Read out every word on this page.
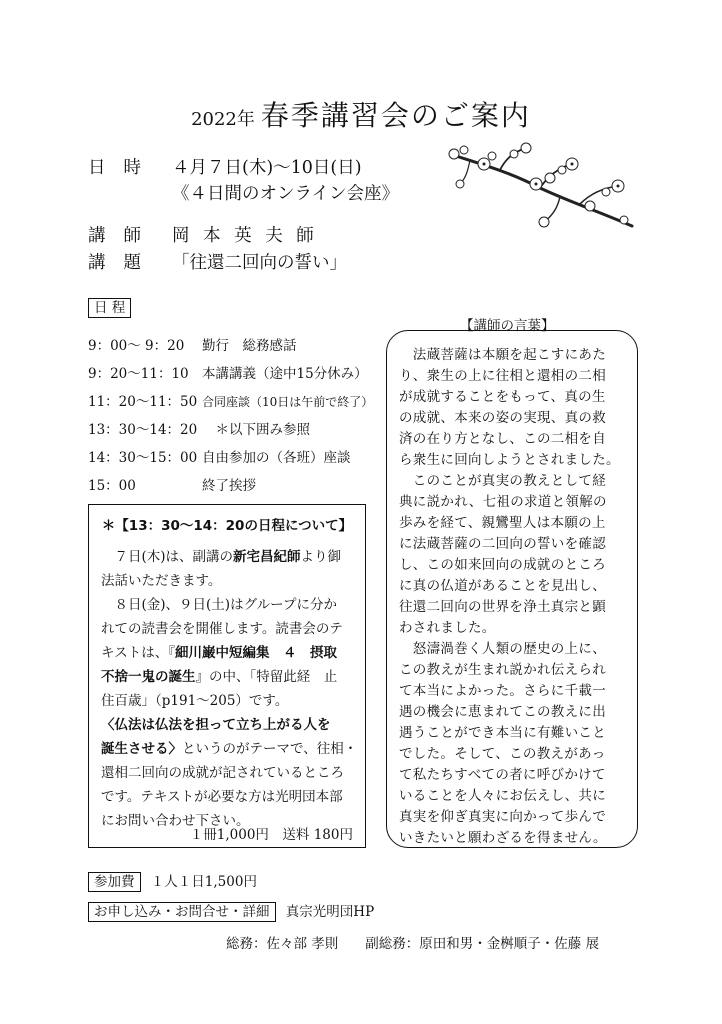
2022年 春季講習会のご案内
日時 ４月７日(木)〜10日(日)
《４日間のオンライン会座》
講師 岡 本 英 夫 師
講題 「往還二回向の誓い」
日 程
9：00〜 9：20 勤行　総務感話
9：20〜11：10 本講講義（途中15分休み）
11：20〜11：50 合同座談（10日は午前で終了）
13：30〜14：20　＊以下囲み参照
14：30〜15：00 自由参加の（各班）座談
15：00	終了挨拶
＊【13：30〜14：20の日程について】
　７日(木)は、副講の新宅昌紀師より御
法話いただきます。
　８日(金)、９日(土)はグループに分か
れての読書会を開催します。読書会のテ
キストは、『細川巌中短編集　４　摂取
不捨一鬼の誕生』の中、「特留此経　止
住百歳」（p191〜205）です。
〈仏法は仏法を担って立ち上がる人を
誕生させる〉というのがテーマで、往相・
還相二回向の成就が記されているところ
です。テキストが必要な方は光明団本部
にお問い合わせ下さい。
１冊1,000円　送料 180円
【講師の言葉】
　法蔵菩薩は本願を起こすにあた
り、衆生の上に往相と還相の二相
が成就することをもって、真の生
の成就、本来の姿の実現、真の救
済の在り方となし、この二相を自
ら衆生に回向しようとされました。
　このことが真実の教えとして経
典に説かれ、七祖の求道と領解の
歩みを経て、親鸞聖人は本願の上
に法蔵菩薩の二回向の誓いを確認
し、この如来回向の成就のところ
に真の仏道があることを見出し、
往還二回向の世界を浄土真宗と顕
わされました。
　怒濤渦巻く人類の歴史の上に、
この教えが生まれ説かれ伝えられ
て本当によかった。さらに千載一
遇の機会に恵まれてこの教えに出
遇うことができ本当に有難いこと
でした。そして、この教えがあっ
て私たちすべての者に呼びかけて
いることを人々にお伝えし、共に
真実を仰ぎ真実に向かって歩んで
いきたいと願わざるを得ません。
参加費 １人１日1,500円
お申し込み・お問合せ・詳細 真宗光明団HP
総務：佐々部 孝則　　副総務：原田和男・金桝順子・佐藤 展
